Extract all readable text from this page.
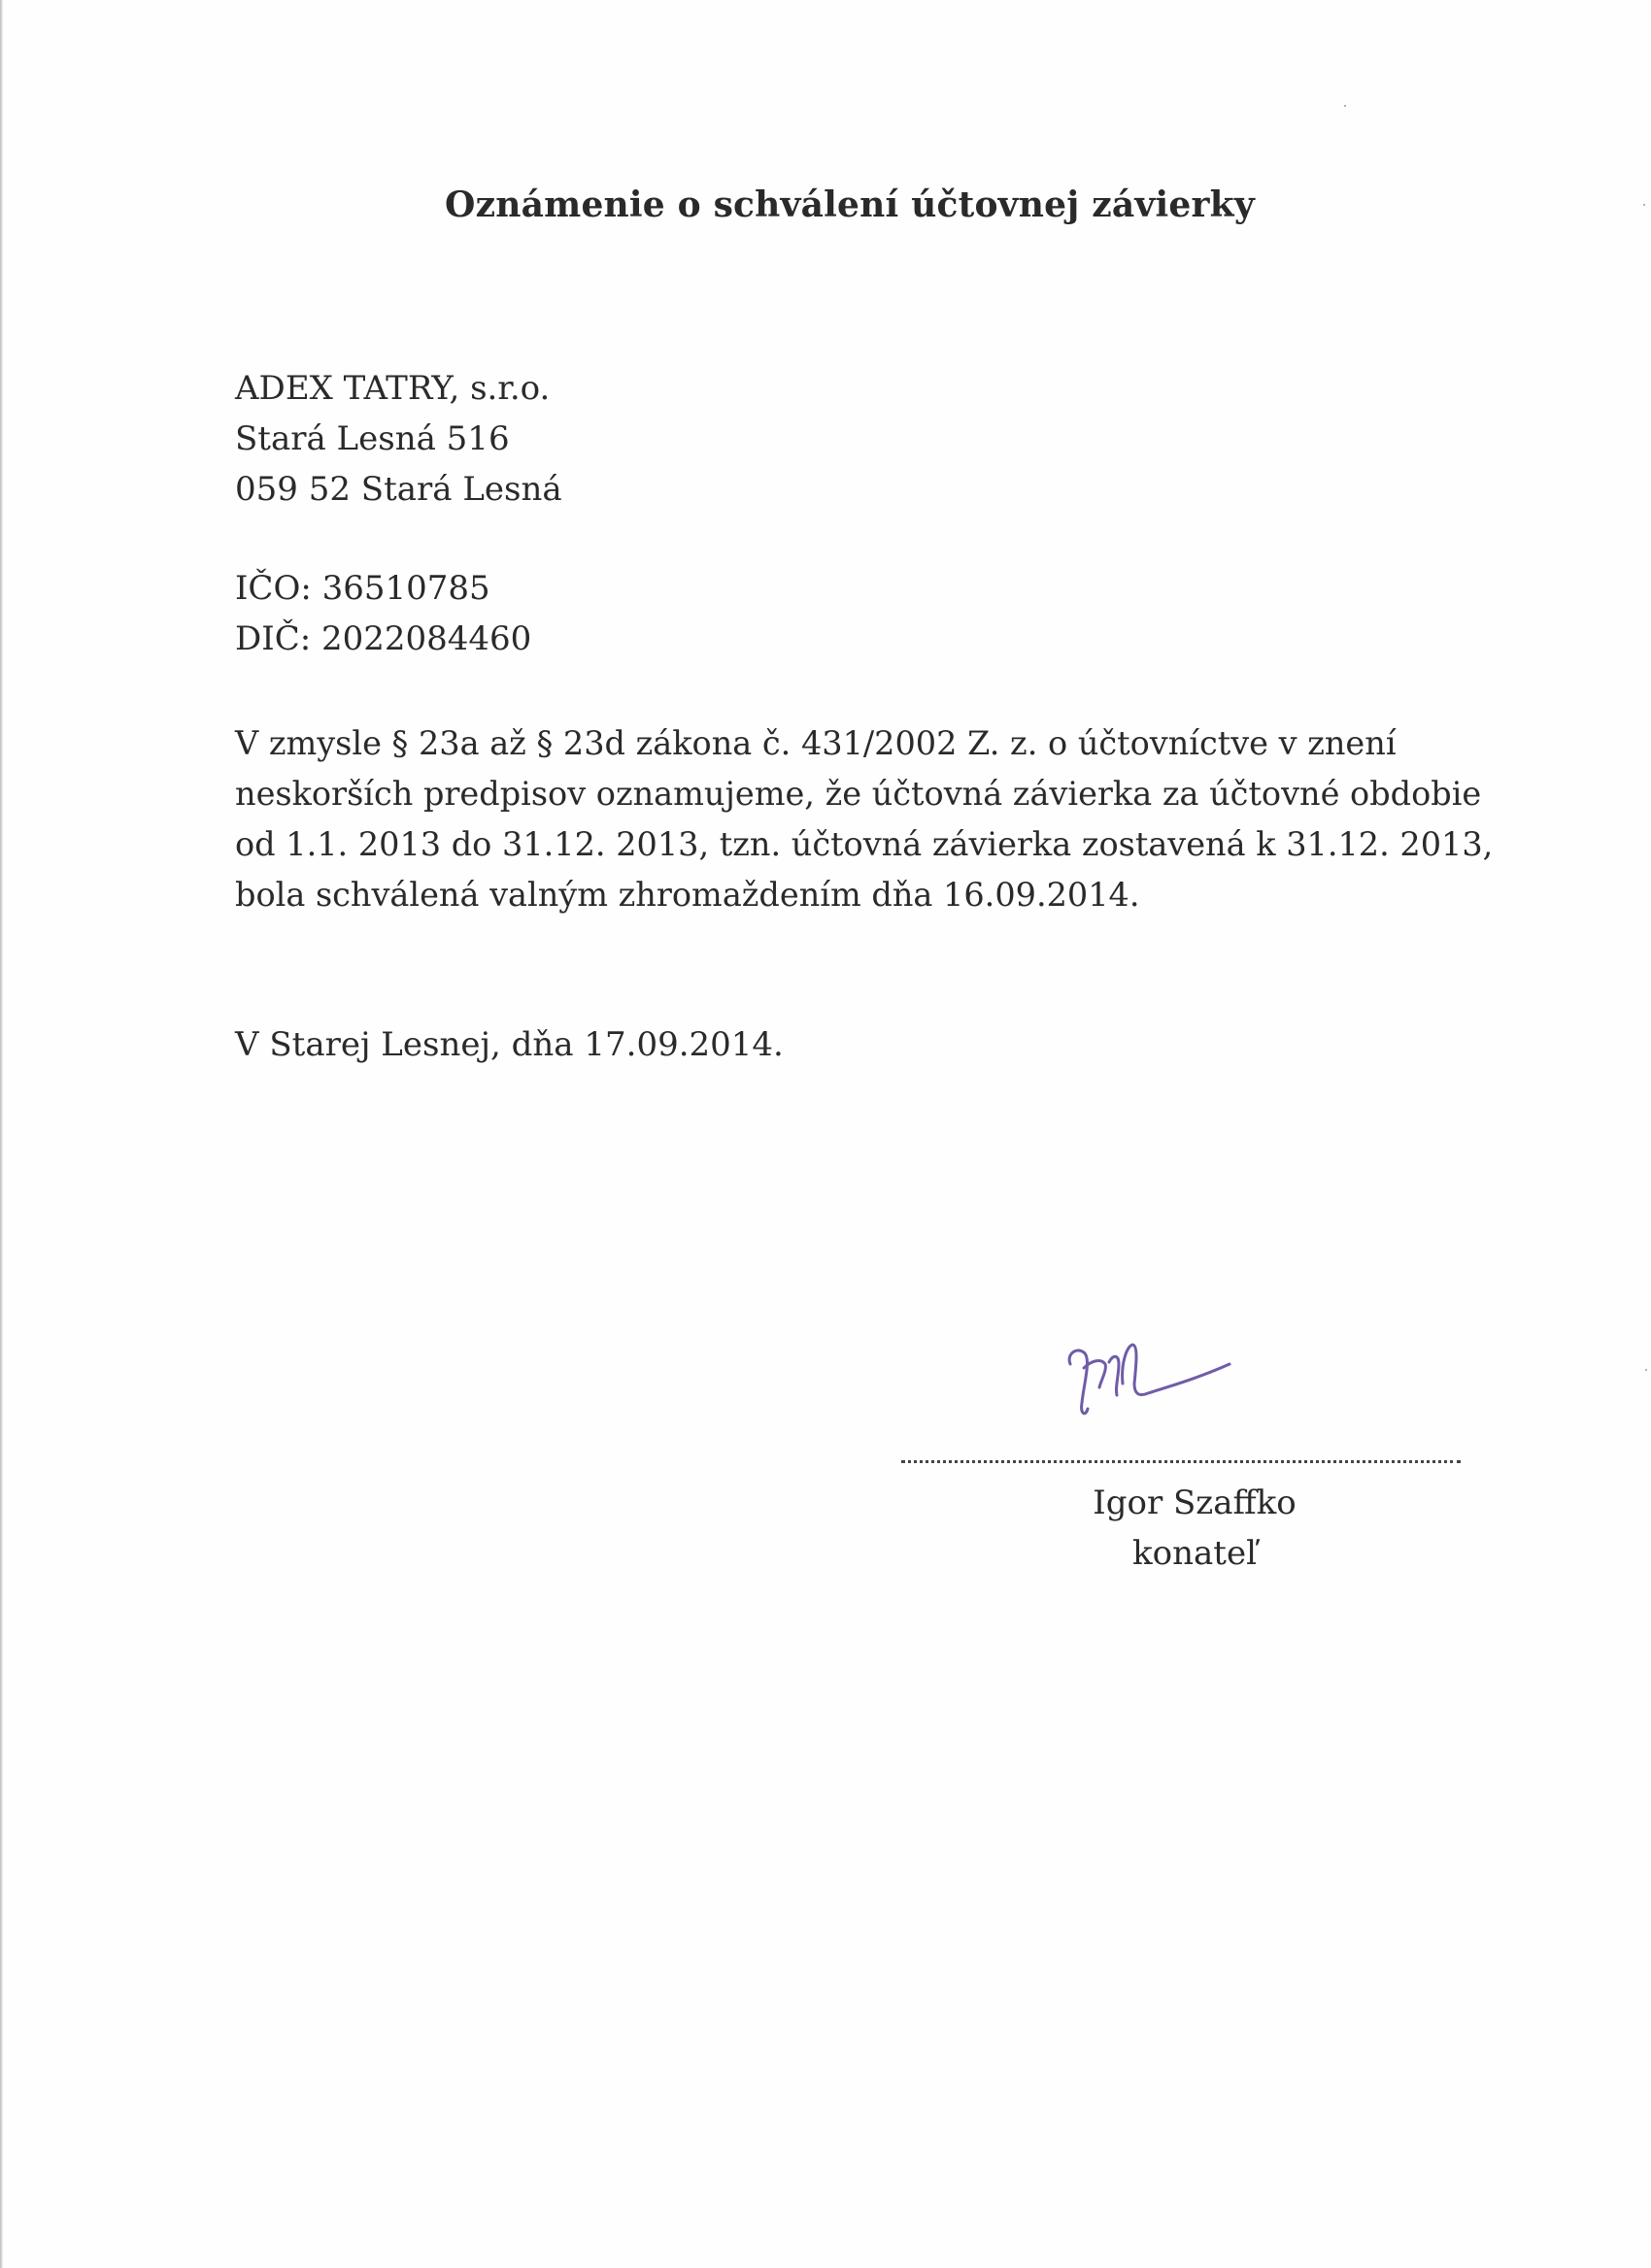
Oznámenie o schválení účtovnej závierky
ADEX TATRY, s.r.o.
Stará Lesná 516
059 52 Stará Lesná
IČO: 36510785
DIČ: 2022084460
V zmysle § 23a až § 23d zákona č. 431/2002 Z. z. o účtovníctve v znení
neskorších predpisov oznamujeme, že účtovná závierka za účtovné obdobie
od 1.1. 2013 do 31.12. 2013, tzn. účtovná závierka zostavená k 31.12. 2013,
bola schválená valným zhromaždením dňa 16.09.2014.
V Starej Lesnej, dňa 17.09.2014.
Igor Szaffko
konateľ
